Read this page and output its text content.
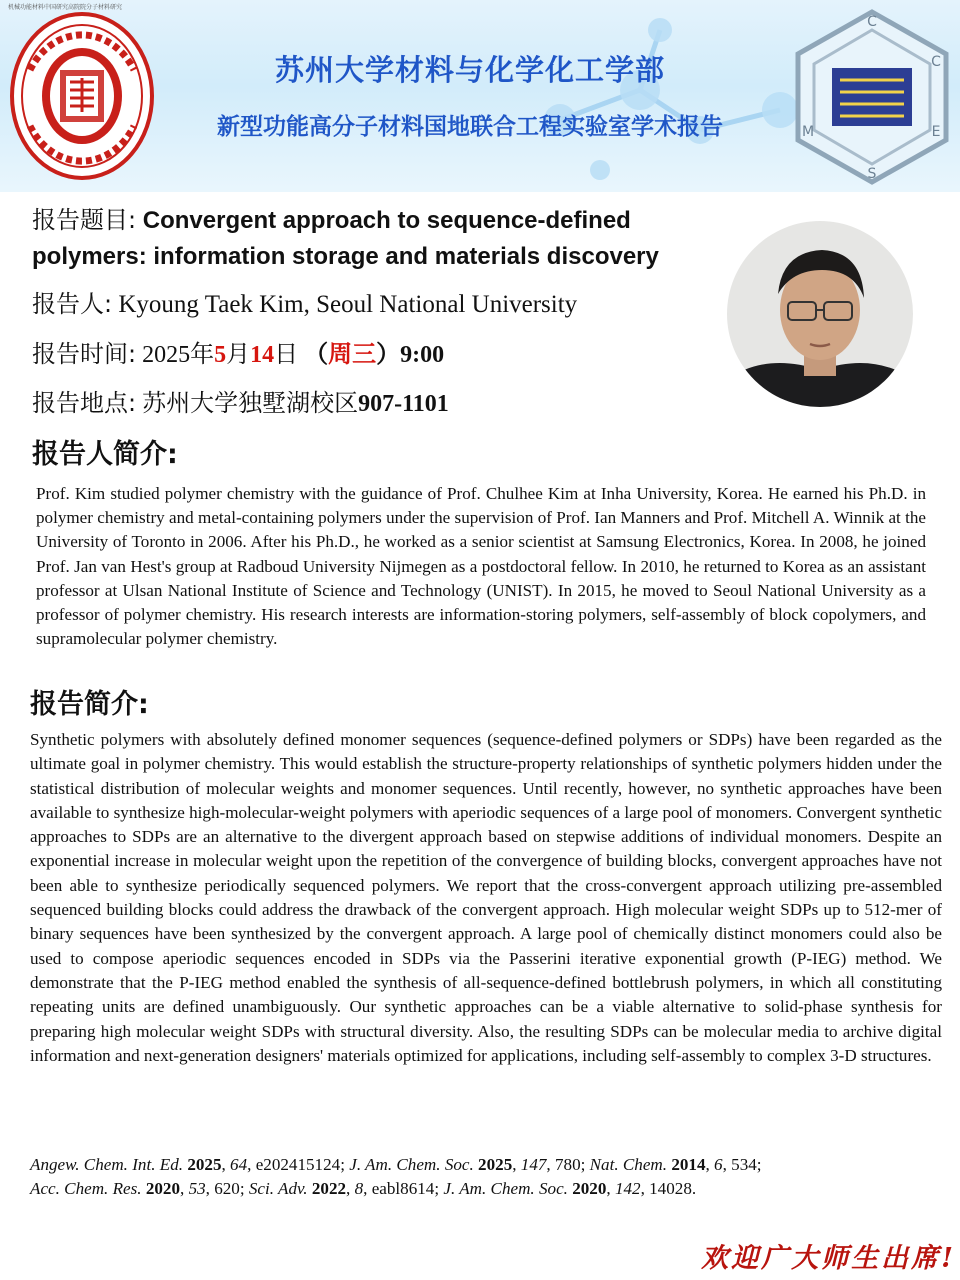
机械功能材料中国研究高院院分子材料研究
C
C
E
M
S
苏州大学材料与化学化工学部
新型功能高分子材料国地联合工程实验室学术报告
报告题目: Convergent approach to sequence-defined
polymers: information storage and materials discovery
报告人: Kyoung Taek Kim, Seoul National University
报告时间: 2025年5月14日 （周三）9:00
报告地点: 苏州大学独墅湖校区907-1101
报告人简介:
Prof. Kim studied polymer chemistry with the guidance of Prof. Chulhee Kim at Inha University, Korea. He earned his Ph.D. in polymer chemistry and metal-containing polymers under the supervision of Prof. Ian Manners and Prof. Mitchell A. Winnik at the University of Toronto in 2006. After his Ph.D., he worked as a senior scientist at Samsung Electronics, Korea. In 2008, he joined Prof. Jan van Hest's group at Radboud University Nijmegen as a postdoctoral fellow. In 2010, he returned to Korea as an assistant professor at Ulsan National Institute of Science and Technology (UNIST). In 2015, he moved to Seoul National University as a professor of polymer chemistry. His research interests are information-storing polymers, self-assembly of block copolymers, and supramolecular polymer chemistry.
报告简介:
Synthetic polymers with absolutely defined monomer sequences (sequence-defined polymers or SDPs) have been regarded as the ultimate goal in polymer chemistry. This would establish the structure-property relationships of synthetic polymers hidden under the statistical distribution of molecular weights and monomer sequences. Until recently, however, no synthetic approaches have been available to synthesize high-molecular-weight polymers with aperiodic sequences of a large pool of monomers. Convergent synthetic approaches to SDPs are an alternative to the divergent approach based on stepwise additions of individual monomers. Despite an exponential increase in molecular weight upon the repetition of the convergence of building blocks, convergent approaches have not been able to synthesize periodically sequenced polymers. We report that the cross-convergent approach utilizing pre-assembled sequenced building blocks could address the drawback of the convergent approach. High molecular weight SDPs up to 512-mer of binary sequences have been synthesized by the convergent approach. A large pool of chemically distinct monomers could also be used to compose aperiodic sequences encoded in SDPs via the Passerini iterative exponential growth (P-IEG) method. We demonstrate that the P-IEG method enabled the synthesis of all-sequence-defined bottlebrush polymers, in which all constituting repeating units are defined unambiguously. Our synthetic approaches can be a viable alternative to solid-phase synthesis for preparing high molecular weight SDPs with structural diversity. Also, the resulting SDPs can be molecular media to archive digital information and next-generation designers' materials optimized for applications, including self-assembly to complex 3-D structures.
Angew. Chem. Int. Ed. 2025, 64, e202415124; J. Am. Chem. Soc. 2025, 147, 780; Nat. Chem. 2014, 6, 534;
Acc. Chem. Res. 2020, 53, 620; Sci. Adv. 2022, 8, eabl8614; J. Am. Chem. Soc. 2020, 142, 14028.
欢迎广大师生出席!
